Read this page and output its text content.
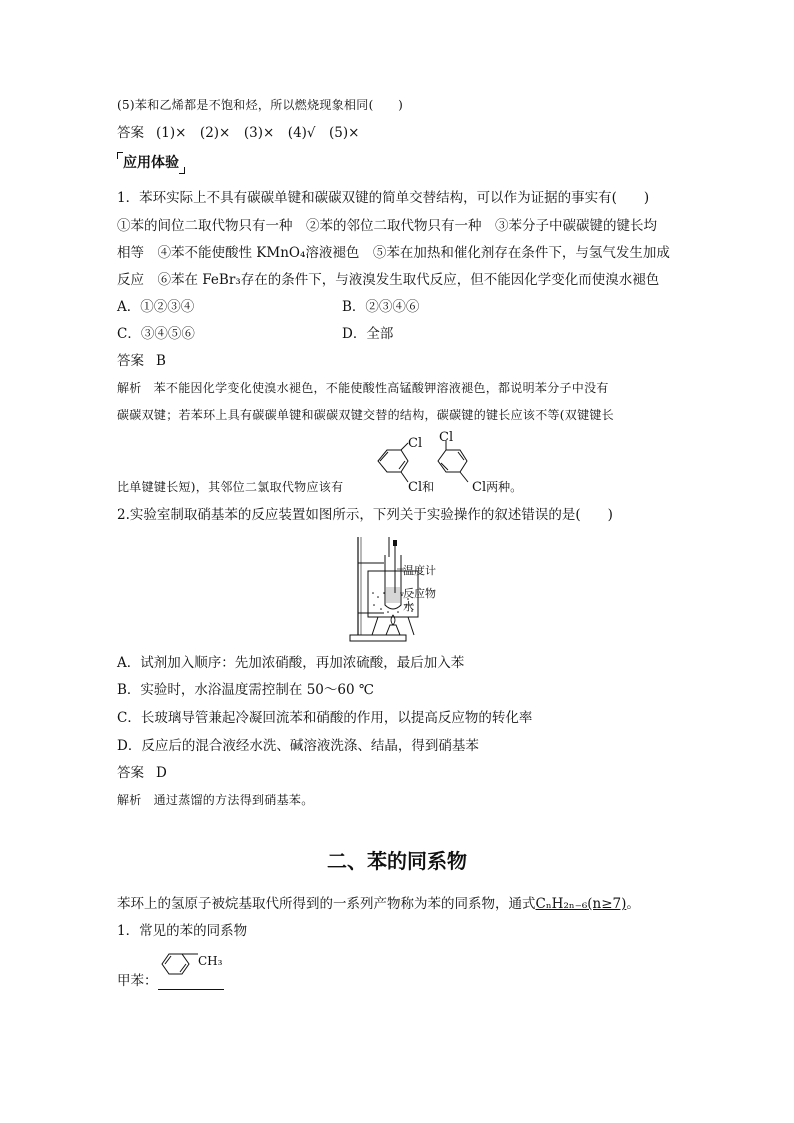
(5)苯和乙烯都是不饱和烃，所以燃烧现象相同(　　)
答案 (1)×　(2)×　(3)×　(4)√　(5)×
应用体验
1．苯环实际上不具有碳碳单键和碳碳双键的简单交替结构，可以作为证据的事实有(　　)
①苯的间位二取代物只有一种　②苯的邻位二取代物只有一种　③苯分子中碳碳键的键长均
相等　④苯不能使酸性 KMnO₄溶液褪色　⑤苯在加热和催化剂存在条件下，与氢气发生加成
反应　⑥苯在 FeBr₃存在的条件下，与液溴发生取代反应，但不能因化学变化而使溴水褪色
A．①②③④	B．②③④⑥
C．③④⑤⑥	D．全部
答案 B
解析 苯不能因化学变化使溴水褪色，不能使酸性高锰酸钾溶液褪色，都说明苯分子中没有
碳碳双键；若苯环上具有碳碳单键和碳碳双键交替的结构，碳碳键的键长应该不等(双键键长
Cl Cl
比单键键长短)，其邻位二氯取代物应该有	Cl和	Cl两种。
2.实验室制取硝基苯的反应装置如图所示，下列关于实验操作的叙述错误的是(　　)
温度计
反应物
水
A．试剂加入顺序：先加浓硝酸，再加浓硫酸，最后加入苯
B．实验时，水浴温度需控制在 50～60 ℃
C．长玻璃导管兼起冷凝回流苯和硝酸的作用，以提高反应物的转化率
D．反应后的混合液经水洗、碱溶液洗涤、结晶，得到硝基苯
答案 D
解析 通过蒸馏的方法得到硝基苯。
二、苯的同系物
苯环上的氢原子被烷基取代所得到的一系列产物称为苯的同系物，通式CₙH₂ₙ₋₆(n≥7)。
1．常见的苯的同系物
CH₃
甲苯：
